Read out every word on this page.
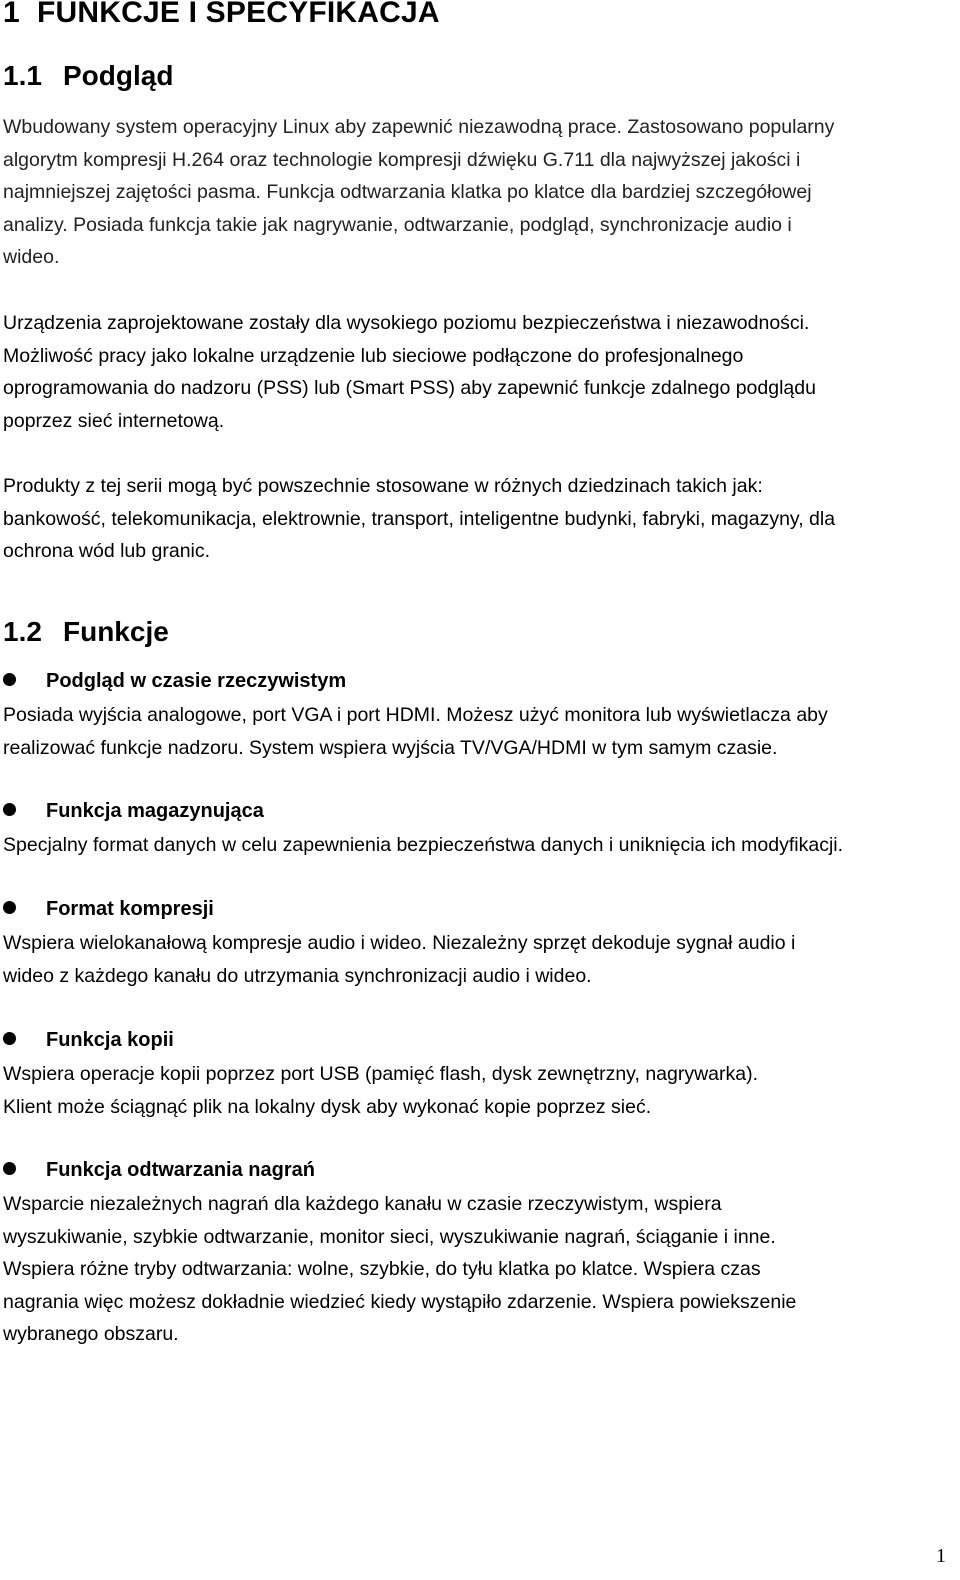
1 FUNKCJE I SPECYFIKACJA
1.1 Podgląd
Wbudowany system operacyjny Linux aby zapewnić niezawodną prace. Zastosowano popularny
algorytm kompresji H.264 oraz technologie kompresji dźwięku G.711 dla najwyższej jakości i
najmniejszej zajętości pasma. Funkcja odtwarzania klatka po klatce dla bardziej szczegółowej
analizy. Posiada funkcja takie jak nagrywanie, odtwarzanie, podgląd, synchronizacje audio i
wideo.
Urządzenia zaprojektowane zostały dla wysokiego poziomu bezpieczeństwa i niezawodności.
Możliwość pracy jako lokalne urządzenie lub sieciowe podłączone do profesjonalnego
oprogramowania do nadzoru (PSS) lub (Smart PSS) aby zapewnić funkcje zdalnego podglądu
poprzez sieć internetową.
Produkty z tej serii mogą być powszechnie stosowane w różnych dziedzinach takich jak:
bankowość, telekomunikacja, elektrownie, transport, inteligentne budynki, fabryki, magazyny, dla
ochrona wód lub granic.
1.2 Funkcje
Podgląd w czasie rzeczywistym
Posiada wyjścia analogowe, port VGA i port HDMI. Możesz użyć monitora lub wyświetlacza aby
realizować funkcje nadzoru. System wspiera wyjścia TV/VGA/HDMI w tym samym czasie.
Funkcja magazynująca
Specjalny format danych w celu zapewnienia bezpieczeństwa danych i uniknięcia ich modyfikacji.
Format kompresji
Wspiera wielokanałową kompresje audio i wideo. Niezależny sprzęt dekoduje sygnał audio i
wideo z każdego kanału do utrzymania synchronizacji audio i wideo.
Funkcja kopii
Wspiera operacje kopii poprzez port USB (pamięć flash, dysk zewnętrzny, nagrywarka).
Klient może ściągnąć plik na lokalny dysk aby wykonać kopie poprzez sieć.
Funkcja odtwarzania nagrań
Wsparcie niezależnych nagrań dla każdego kanału w czasie rzeczywistym, wspiera
wyszukiwanie, szybkie odtwarzanie, monitor sieci, wyszukiwanie nagrań, ściąganie i inne.
Wspiera różne tryby odtwarzania: wolne, szybkie, do tyłu klatka po klatce. Wspiera czas
nagrania więc możesz dokładnie wiedzieć kiedy wystąpiło zdarzenie. Wspiera powiekszenie
wybranego obszaru.
1
